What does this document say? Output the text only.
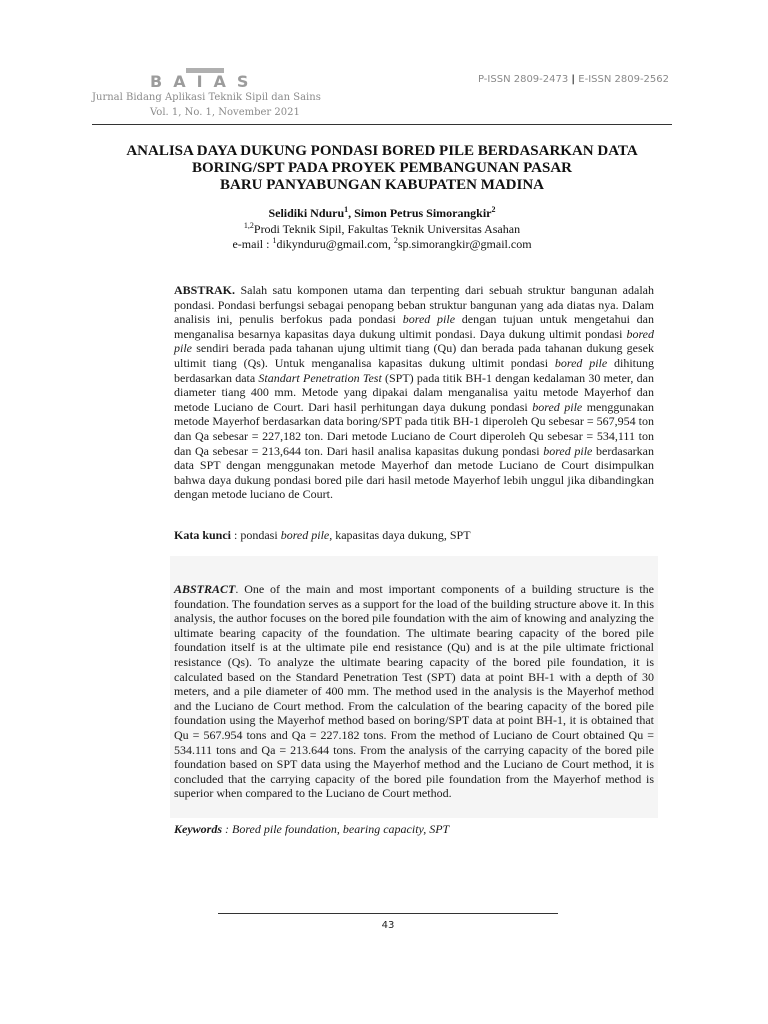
BAIAS
Jurnal Bidang Aplikasi Teknik Sipil dan Sains
Vol. 1, No. 1, November 2021
P-ISSN 2809-2473 | E-ISSN 2809-2562
ANALISA DAYA DUKUNG PONDASI BORED PILE BERDASARKAN DATA
BORING/SPT PADA PROYEK PEMBANGUNAN PASAR
BARU PANYABUNGAN KABUPATEN MADINA
Selidiki Nduru$^1$, Simon Petrus Simorangkir$^2$
$^{1,2}$Prodi Teknik Sipil, Fakultas Teknik Universitas Asahan
e-mail : $^1$dikynduru@gmail.com, $^2$sp.simorangkir@gmail.com
ABSTRAK. Salah satu komponen utama dan terpenting dari sebuah struktur bangunan adalah pondasi. Pondasi berfungsi sebagai penopang beban struktur bangunan yang ada diatas nya. Dalam analisis ini, penulis berfokus pada pondasi bored pile dengan tujuan untuk mengetahui dan menganalisa besarnya kapasitas daya dukung ultimit pondasi. Daya dukung ultimit pondasi bored pile sendiri berada pada tahanan ujung ultimit tiang (Qu) dan berada pada tahanan dukung gesek ultimit tiang (Qs). Untuk menganalisa kapasitas dukung ultimit pondasi bored pile dihitung berdasarkan data Standart Penetration Test (SPT) pada titik BH-1 dengan kedalaman 30 meter, dan diameter tiang 400 mm. Metode yang dipakai dalam menganalisa yaitu metode Mayerhof dan metode Luciano de Court. Dari hasil perhitungan daya dukung pondasi bored pile menggunakan metode Mayerhof berdasarkan data boring/SPT pada titik BH-1 diperoleh Qu sebesar = 567,954 ton dan Qa sebesar = 227,182 ton. Dari metode Luciano de Court diperoleh Qu sebesar = 534,111 ton dan Qa sebesar = 213,644 ton. Dari hasil analisa kapasitas dukung pondasi bored pile berdasarkan data SPT dengan menggunakan metode Mayerhof dan metode Luciano de Court disimpulkan bahwa daya dukung pondasi bored pile dari hasil metode Mayerhof lebih unggul jika dibandingkan dengan metode luciano de Court.
Kata kunci : pondasi bored pile, kapasitas daya dukung, SPT
ABSTRACT. One of the main and most important components of a building structure is the foundation. The foundation serves as a support for the load of the building structure above it. In this analysis, the author focuses on the bored pile foundation with the aim of knowing and analyzing the ultimate bearing capacity of the foundation. The ultimate bearing capacity of the bored pile foundation itself is at the ultimate pile end resistance (Qu) and is at the pile ultimate frictional resistance (Qs). To analyze the ultimate bearing capacity of the bored pile foundation, it is calculated based on the Standard Penetration Test (SPT) data at point BH-1 with a depth of 30 meters, and a pile diameter of 400 mm. The method used in the analysis is the Mayerhof method and the Luciano de Court method. From the calculation of the bearing capacity of the bored pile foundation using the Mayerhof method based on boring/SPT data at point BH-1, it is obtained that Qu = 567.954 tons and Qa = 227.182 tons. From the method of Luciano de Court obtained Qu = 534.111 tons and Qa = 213.644 tons. From the analysis of the carrying capacity of the bored pile foundation based on SPT data using the Mayerhof method and the Luciano de Court method, it is concluded that the carrying capacity of the bored pile foundation from the Mayerhof method is superior when compared to the Luciano de Court method.
Keywords : Bored pile foundation, bearing capacity, SPT
43
